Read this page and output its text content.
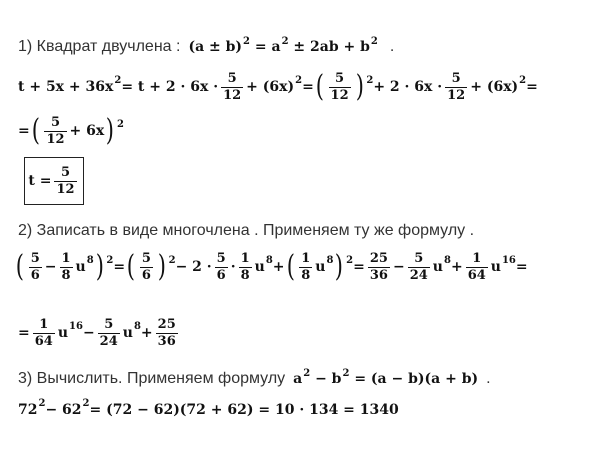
1) Квадрат двучлена : $(a \pm b)^2 = a^2 \pm 2ab + b^2$ .
t + 5x + 36x $2 = t + 2 \cdot 6x \cdot \frac{5}{12} + (6x) 2$ = ( $\frac{5}{12}$ ) $2 + 2 \cdot 6x \cdot \frac{5}{12} + (6x) 2$ =
= ( $\frac{5}{12} + 6x$ ) 2
$t = \frac{5}{12}$
2) Записать в виде многочлена . Применяем ту же формулу .
( $\frac{5}{6} - \frac{1}{8}$ u 8 ) 2 = ( $\frac{5}{6}$ ) $2 - 2 \cdot \frac{5}{6} \cdot \frac{1}{8}$ u 8 + ( $\frac{1}{8}$ u 8 ) $2 = \frac{25}{36} - \frac{5}{24}$ u $8 + \frac{1}{64}$ u 16 =
= $\frac{1}{64}$ u $16 - \frac{5}{24}$ u $8 + \frac{25}{36}$
3) Вычислить. Применяем формулу $a^2 - b^2 = (a - b)(a + b)$ .
72 2 − 62 2 = (72 − 62)(72 + 62) = 10 · 134 = 1340
